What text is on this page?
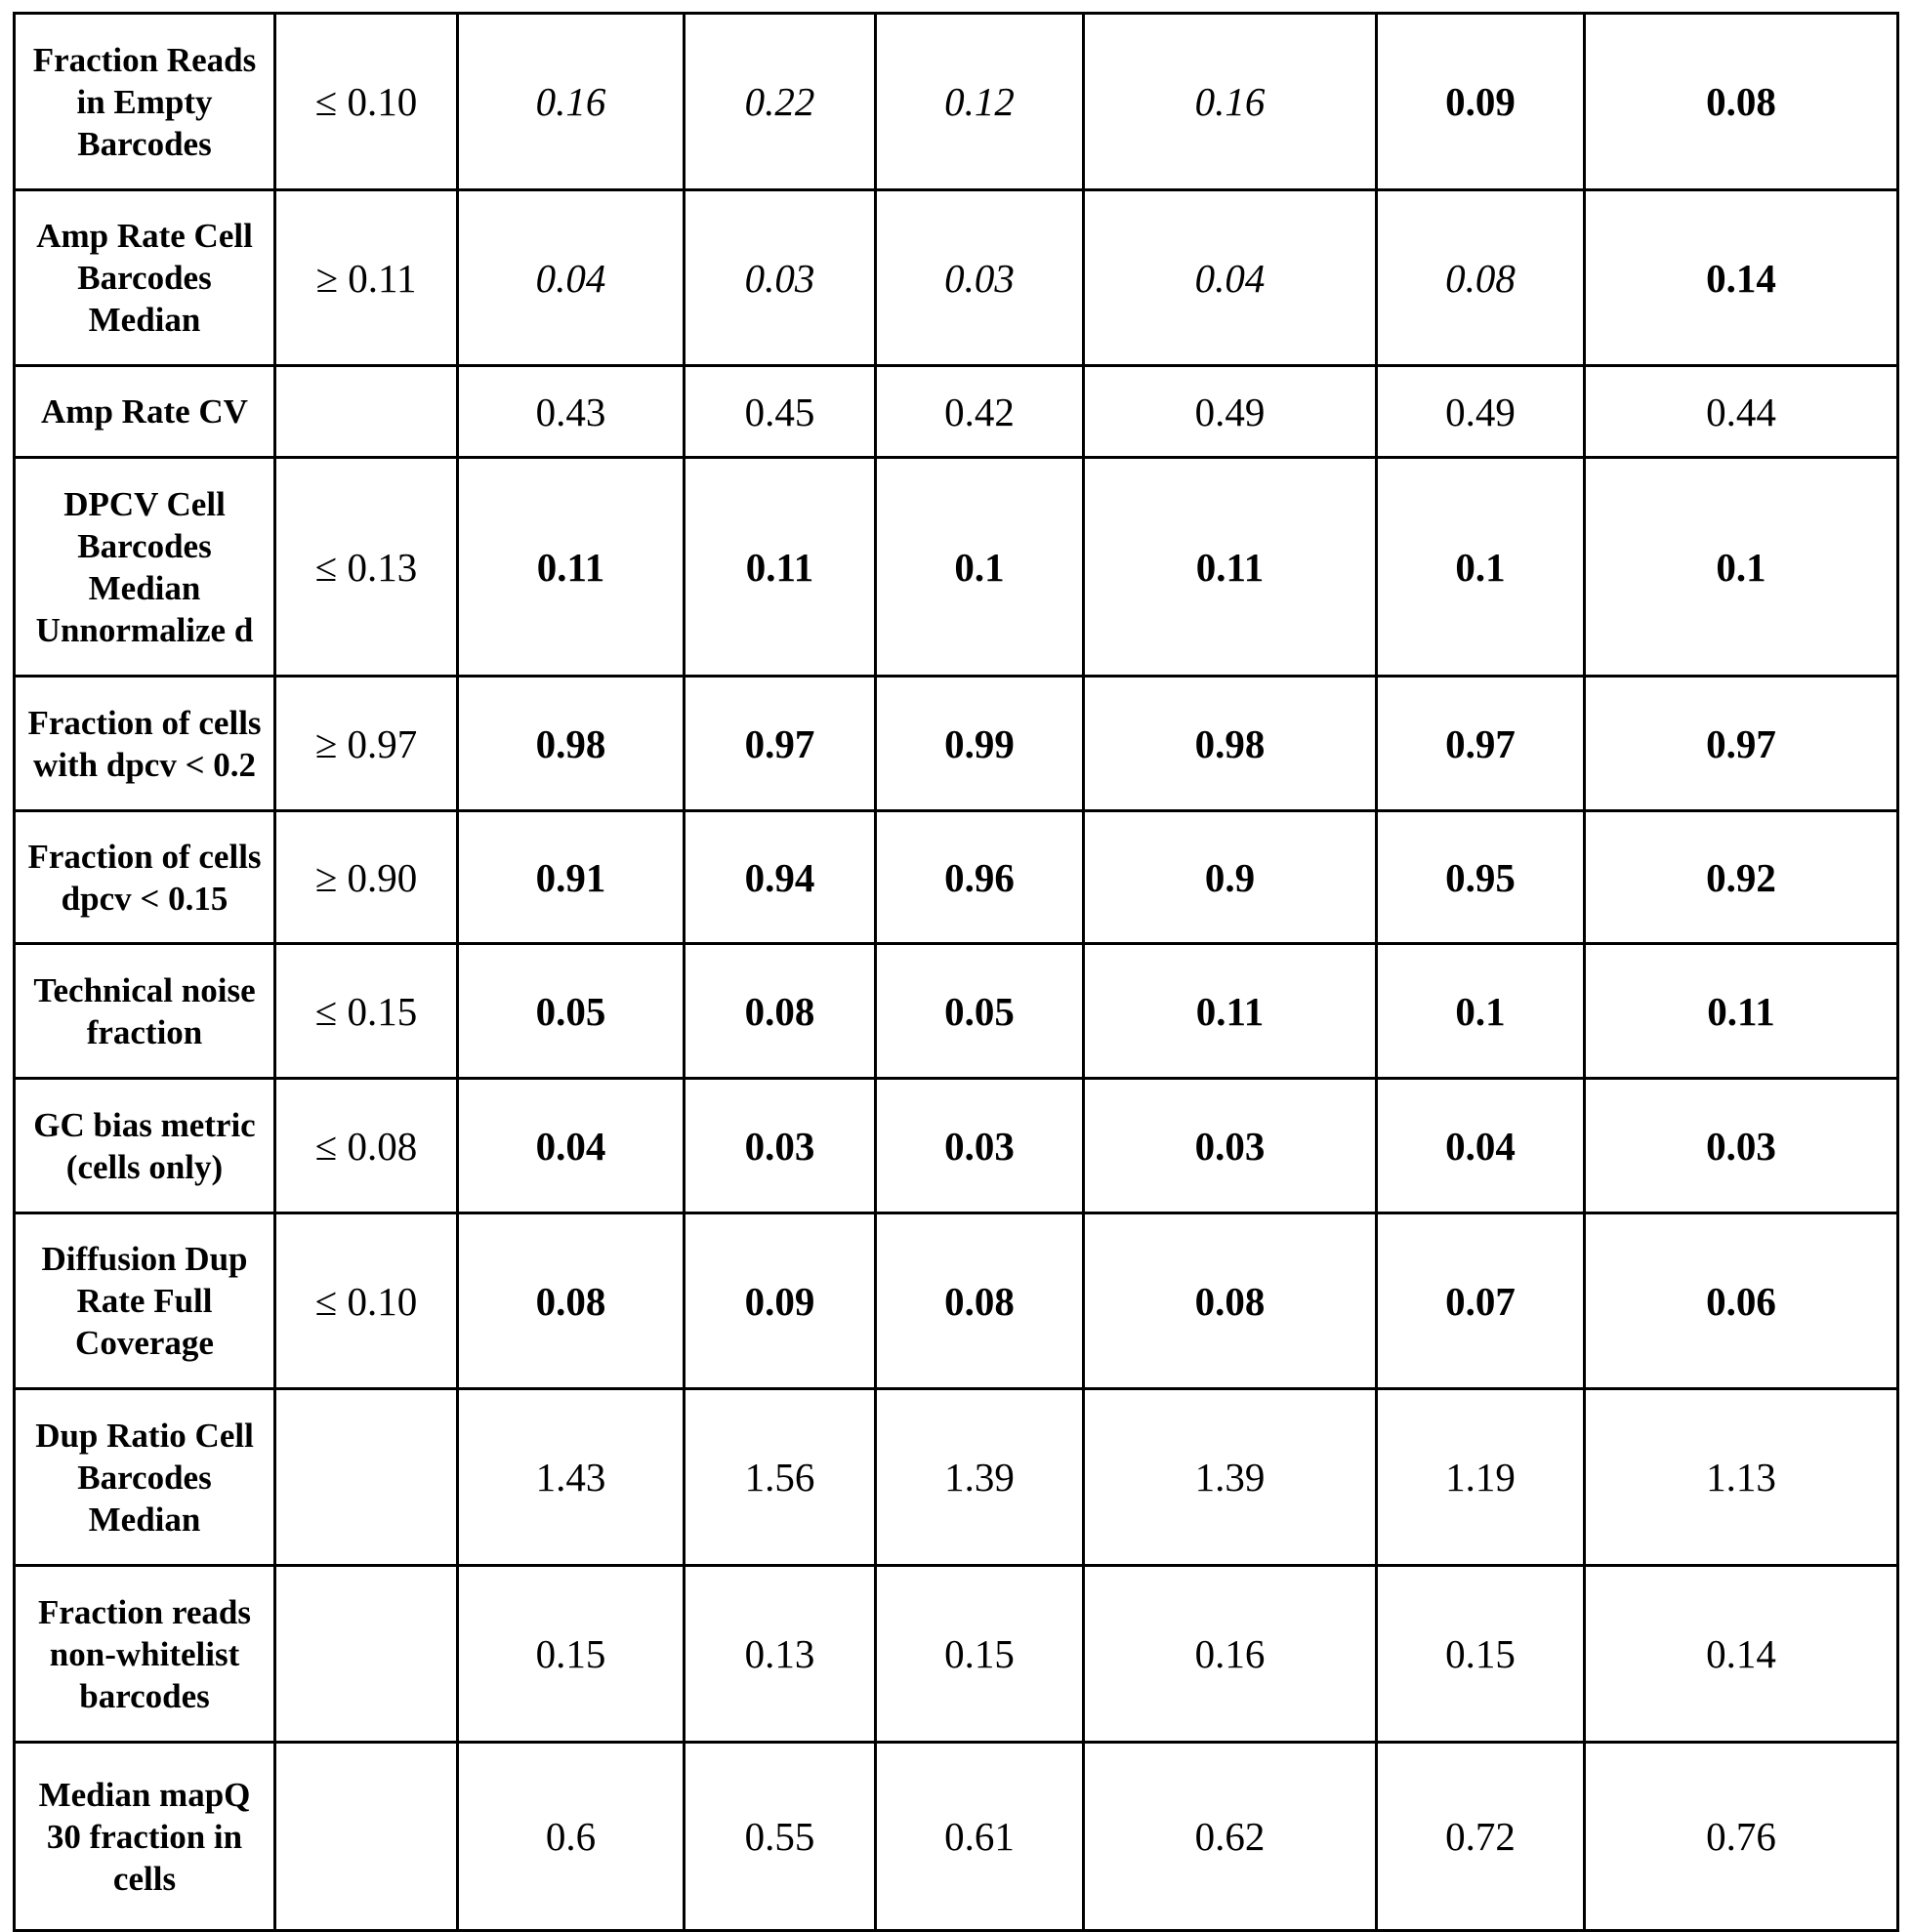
Fraction Reads in Empty Barcodes

≤ 0.10	0.16	0.22	0.12	0.16	0.09	0.08

Amp Rate Cell Barcodes Median

≥ 0.11	0.04	0.03	0.03	0.04	0.08	0.14

Amp Rate CV		0.43	0.45	0.42	0.49	0.49	0.44

DPCV Cell Barcodes Median Unnormalize d

≤ 0.13	0.11	0.11	0.1	0.11	0.1	0.1

Fraction of cells with dpcv < 0.2	≥ 0.97	0.98	0.97	0.99	0.98	0.97	0.97

Fraction of cells dpcv < 0.15	≥ 0.90	0.91	0.94	0.96	0.9	0.95	0.92

Technical noise fraction	≤ 0.15	0.05	0.08	0.05	0.11	0.1	0.11

GC bias metric (cells only)	≤ 0.08	0.04	0.03	0.03	0.03	0.04	0.03

Diffusion Dup Rate Full Coverage

≤ 0.10	0.08	0.09	0.08	0.08	0.07	0.06

Dup Ratio Cell Barcodes Median

1.43	1.56	1.39	1.39	1.19	1.13

Fraction reads non-whitelist barcodes

0.15	0.13	0.15	0.16	0.15	0.14

Median mapQ 30 fraction in cells

0.6	0.55	0.61	0.62	0.72	0.76
